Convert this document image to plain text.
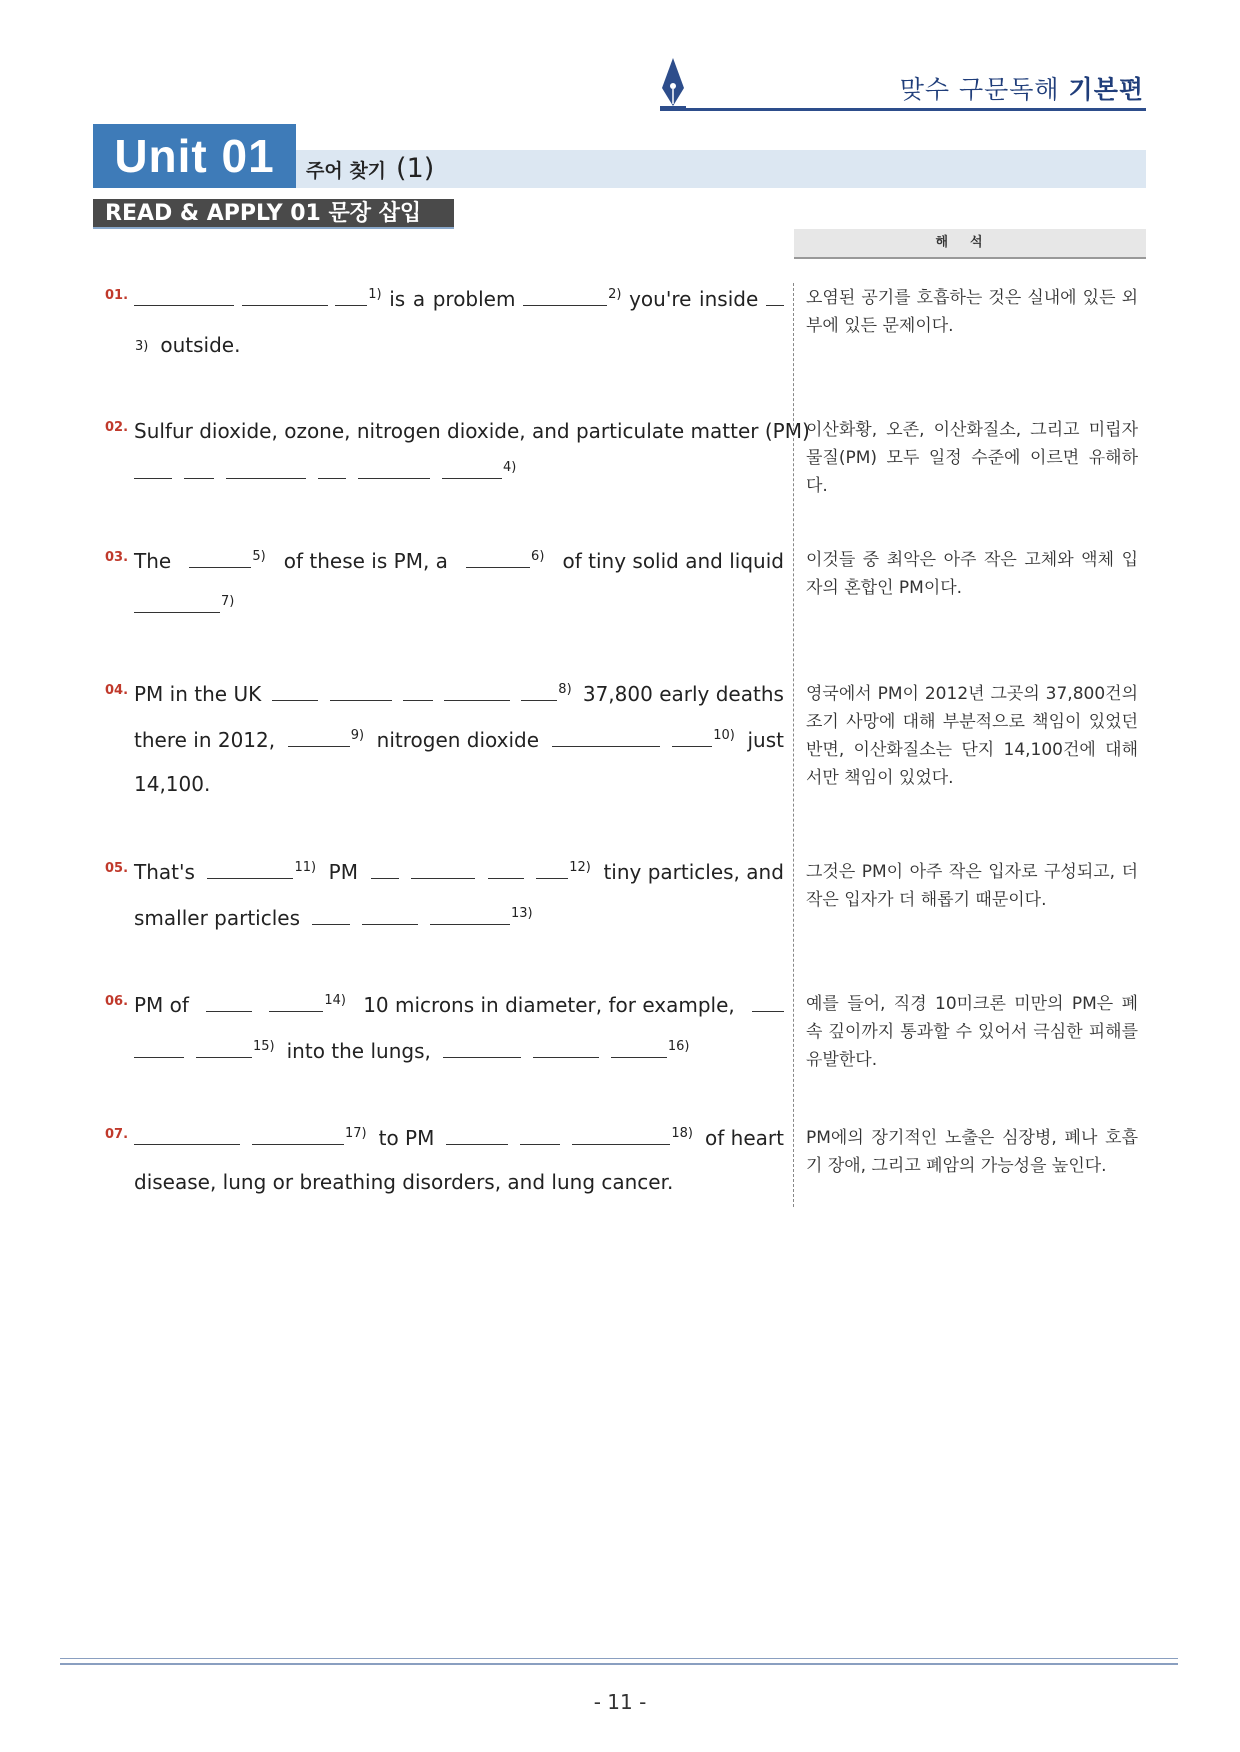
맞수 구문독해 기본편
Unit 01	주어 찾기 (1)
READ & APPLY 01 문장 삽입
해석
01.	$^{1)}$ is a problem	$^{2)}$ you're inside
3) outside.
오염된 공기를 호흡하는 것은 실내에 있든 외부에 있든 문제이다.
02. Sulfur dioxide, ozone, nitrogen dioxide, and particulate matter (PM)
$^{4)}$
이산화황, 오존, 이산화질소, 그리고 미립자물질(PM) 모두 일정 수준에 이르면 유해하다.
03. The	$^{5)}$ of these is PM, a	$^{6)}$ of tiny solid and liquid
$^{7)}$
이것들 중 최악은 아주 작은 고체와 액체 입자의 혼합인 PM이다.
04. PM in the UK	$^{8)}$ 37,800 early deaths
there in 2012,	$^{9)}$ nitrogen dioxide	$^{10)}$ just
14,100.
영국에서 PM이 2012년 그곳의 37,800건의 조기 사망에 대해 부분적으로 책임이 있었던 반면, 이산화질소는 단지 14,100건에 대해서만 책임이 있었다.
05. That's	$^{11)}$ PM	$^{12)}$ tiny particles, and
smaller particles	$^{13)}$
그것은 PM이 아주 작은 입자로 구성되고, 더 작은 입자가 더 해롭기 때문이다.
06. PM of	$^{14)}$ 10 microns in diameter, for example,
$^{15)}$ into the lungs,	$^{16)}$
예를 들어, 직경 10미크론 미만의 PM은 폐 속 깊이까지 통과할 수 있어서 극심한 피해를 유발한다.
07.	$^{17)}$ to PM	$^{18)}$ of heart
disease, lung or breathing disorders, and lung cancer.
PM에의 장기적인 노출은 심장병, 폐나 호흡기 장애, 그리고 폐암의 가능성을 높인다.
- 11 -
